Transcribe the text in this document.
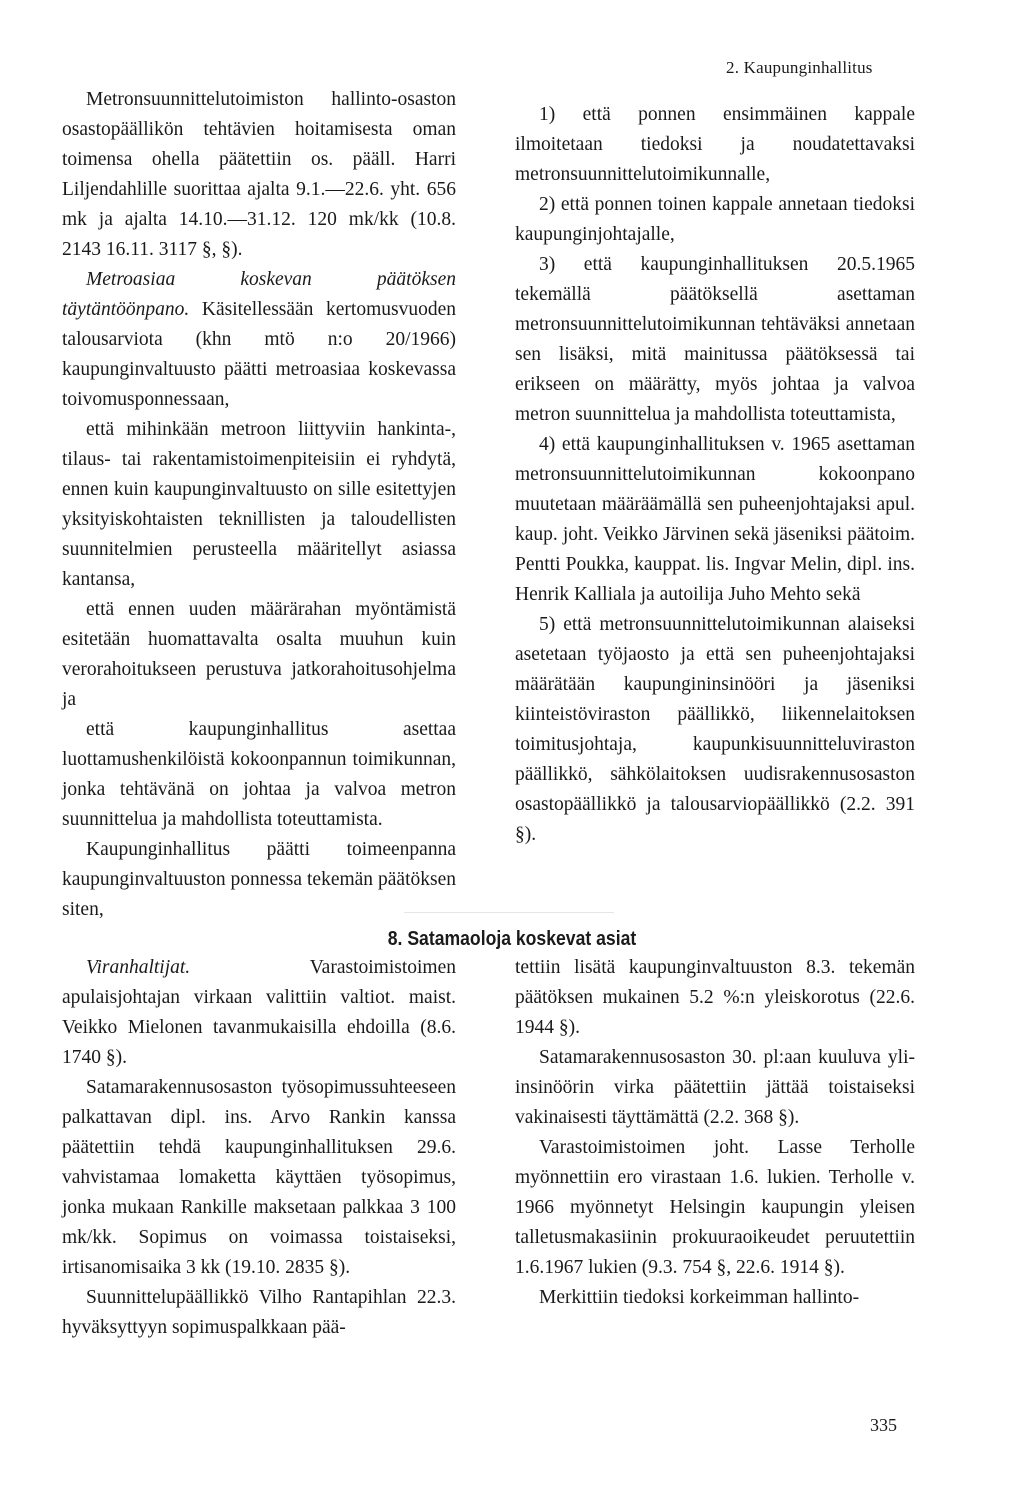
2. Kaupunginhallitus

Metronsuunnittelutoimiston hallinto-osaston osastopäällikön tehtävien hoitamisesta oman toimensa ohella päätettiin os. pääll. Harri Liljendahlille suorittaa ajalta 9.1.—22.6. yht. 656 mk ja ajalta 14.10.—31.12. 120 mk/kk (10.8. 2143 16.11. 3117 §, §).

Metroasiaa koskevan päätöksen täytäntöönpano. Käsitellessään kertomusvuoden talousarviota (khn mtö n:o 20/1966) kaupunginvaltuusto päätti metroasiaa koskevassa toivomusponnessaan,

että mihinkään metroon liittyviin hankinta-, tilaus- tai rakentamistoimenpiteisiin ei ryhdytä, ennen kuin kaupunginvaltuusto on sille esitettyjen yksityiskohtaisten teknillisten ja taloudellisten suunnitelmien perusteella määritellyt asiassa kantansa,

että ennen uuden määrärahan myöntämistä esitetään huomattavalta osalta muuhun kuin verorahoitukseen perustuva jatkorahoitusohjelma ja

että kaupunginhallitus asettaa luottamushenkilöistä kokoonpannun toimikunnan, jonka tehtävänä on johtaa ja valvoa metron suunnittelua ja mahdollista toteuttamista.

Kaupunginhallitus päätti toimeenpanna kaupunginvaltuuston ponnessa tekemän päätöksen siten,

1) että ponnen ensimmäinen kappale ilmoitetaan tiedoksi ja noudatettavaksi metronsuunnittelutoimikunnalle,

2) että ponnen toinen kappale annetaan tiedoksi kaupunginjohtajalle,

3) että kaupunginhallituksen 20.5.1965 tekemällä päätöksellä asettaman metronsuunnittelutoimikunnan tehtäväksi annetaan sen lisäksi, mitä mainitussa päätöksessä tai erikseen on määrätty, myös johtaa ja valvoa metron suunnittelua ja mahdollista toteuttamista,

4) että kaupunginhallituksen v. 1965 asettaman metronsuunnittelutoimikunnan kokoonpano muutetaan määräämällä sen puheenjohtajaksi apul. kaup. joht. Veikko Järvinen sekä jäseniksi päätoim. Pentti Poukka, kauppat. lis. Ingvar Melin, dipl. ins. Henrik Kalliala ja autoilija Juho Mehto sekä

5) että metronsuunnittelutoimikunnan alaiseksi asetetaan työjaosto ja että sen puheenjohtajaksi määrätään kaupungininsinööri ja jäseniksi kiinteistöviraston päällikkö, liikennelaitoksen toimitusjohtaja, kaupunkisuunnitteluviraston päällikkö, sähkölaitoksen uudisrakennusosaston osastopäällikkö ja talousarviopäällikkö (2.2. 391 §).

8. Satamaoloja koskevat asiat

Viranhaltijat. Varastoimistoimen apulaisjohtajan virkaan valittiin valtiot. maist. Veikko Mielonen tavanmukaisilla ehdoilla (8.6. 1740 §).

Satamarakennusosaston työsopimussuhteeseen palkattavan dipl. ins. Arvo Rankin kanssa päätettiin tehdä kaupunginhallituksen 29.6. vahvistamaa lomaketta käyttäen työsopimus, jonka mukaan Rankille maksetaan palkkaa 3 100 mk/kk. Sopimus on voimassa toistaiseksi, irtisanomisaika 3 kk (19.10. 2835 §).

Suunnittelupäällikkö Vilho Rantapihlan 22.3. hyväksyttyyn sopimuspalkkaan pää-

tettiin lisätä kaupunginvaltuuston 8.3. tekemän päätöksen mukainen 5.2 %:n yleiskorotus (22.6. 1944 §).

Satamarakennusosaston 30. pl:aan kuuluva yli-insinöörin virka päätettiin jättää toistaiseksi vakinaisesti täyttämättä (2.2. 368 §).

Varastoimistoimen joht. Lasse Terholle myönnettiin ero virastaan 1.6. lukien. Terholle v. 1966 myönnetyt Helsingin kaupungin yleisen talletusmakasiinin prokuuraoikeudet peruutettiin 1.6.1967 lukien (9.3. 754 §, 22.6. 1914 §).

Merkittiin tiedoksi korkeimman hallinto-

335
